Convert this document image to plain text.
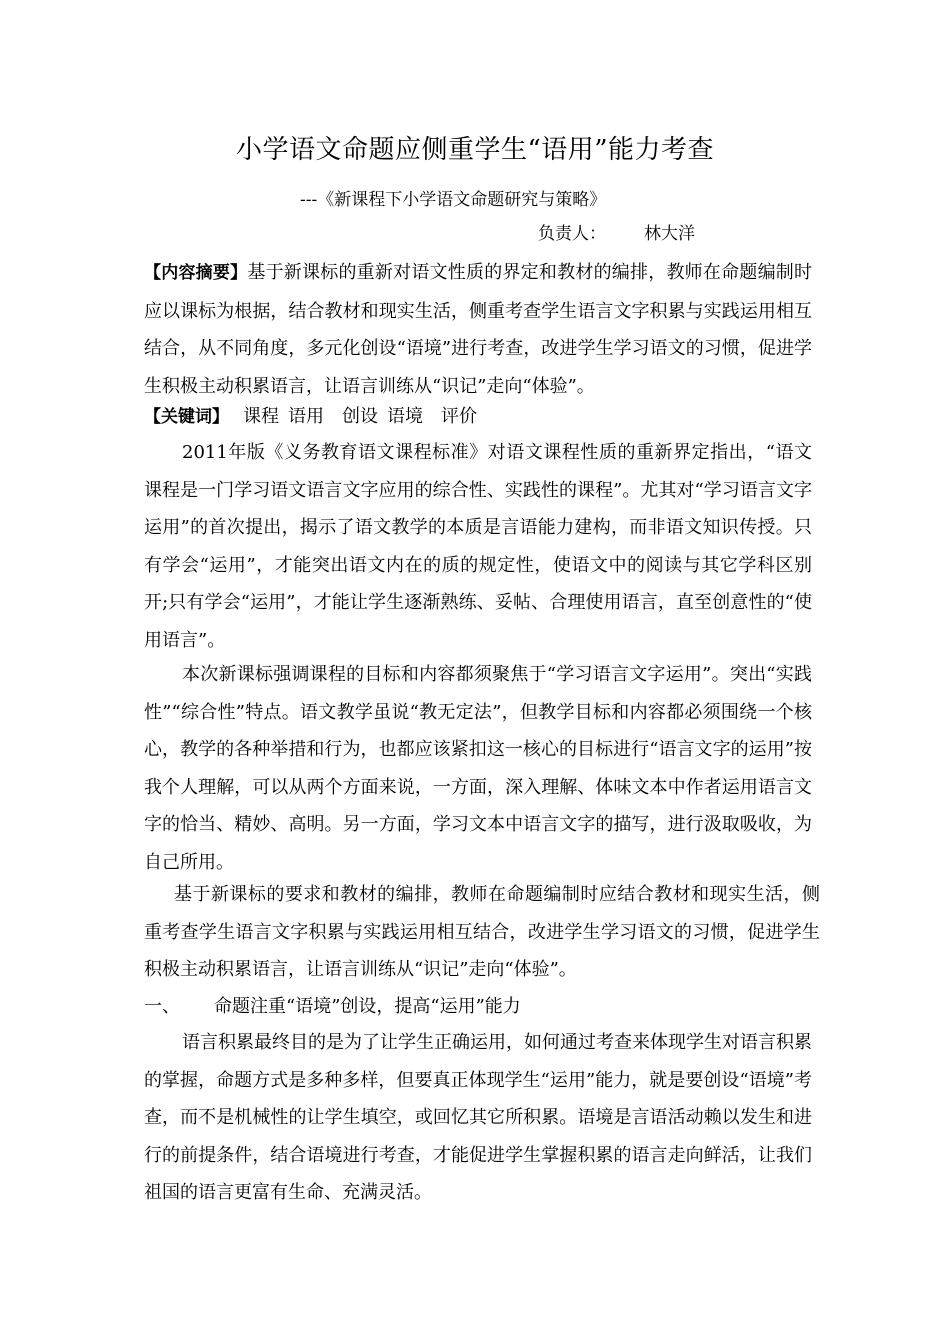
小学语文命题应侧重学生“语用”能力考查
---《新课程下小学语文命题研究与策略》
负责人： 林大洋
【内容摘要】基于新课标的重新对语文性质的界定和教材的编排，教师在命题编制时应以课标为根据，结合教材和现实生活，侧重考查学生语言文字积累与实践运用相互结合，从不同角度，多元化创设“语境”进行考查，改进学生学习语文的习惯，促进学生积极主动积累语言，让语言训练从“识记”走向“体验”。
【关键词】 课程 语用 创设 语境 评价
2011年版《义务教育语文课程标准》对语文课程性质的重新界定指出，“语文课程是一门学习语文语言文字应用的综合性、实践性的课程”。尤其对“学习语言文字运用”的首次提出，揭示了语文教学的本质是言语能力建构，而非语文知识传授。只有学会“运用”，才能突出语文内在的质的规定性，使语文中的阅读与其它学科区别开;只有学会“运用”，才能让学生逐渐熟练、妥帖、合理使用语言，直至创意性的“使用语言”。
本次新课标强调课程的目标和内容都须聚焦于“学习语言文字运用”。突出“实践性”“综合性”特点。语文教学虽说“教无定法”，但教学目标和内容都必须围绕一个核心，教学的各种举措和行为，也都应该紧扣这一核心的目标进行“语言文字的运用”按我个人理解，可以从两个方面来说，一方面，深入理解、体味文本中作者运用语言文字的恰当、精妙、高明。另一方面，学习文本中语言文字的描写，进行汲取吸收，为自己所用。
基于新课标的要求和教材的编排，教师在命题编制时应结合教材和现实生活，侧重考查学生语言文字积累与实践运用相互结合，改进学生学习语文的习惯，促进学生积极主动积累语言，让语言训练从“识记”走向“体验”。
一、 命题注重“语境”创设，提高“运用”能力
语言积累最终目的是为了让学生正确运用，如何通过考查来体现学生对语言积累的掌握，命题方式是多种多样，但要真正体现学生“运用”能力，就是要创设“语境”考查，而不是机械性的让学生填空，或回忆其它所积累。语境是言语活动赖以发生和进行的前提条件，结合语境进行考查，才能促进学生掌握积累的语言走向鲜活，让我们祖国的语言更富有生命、充满灵活。
